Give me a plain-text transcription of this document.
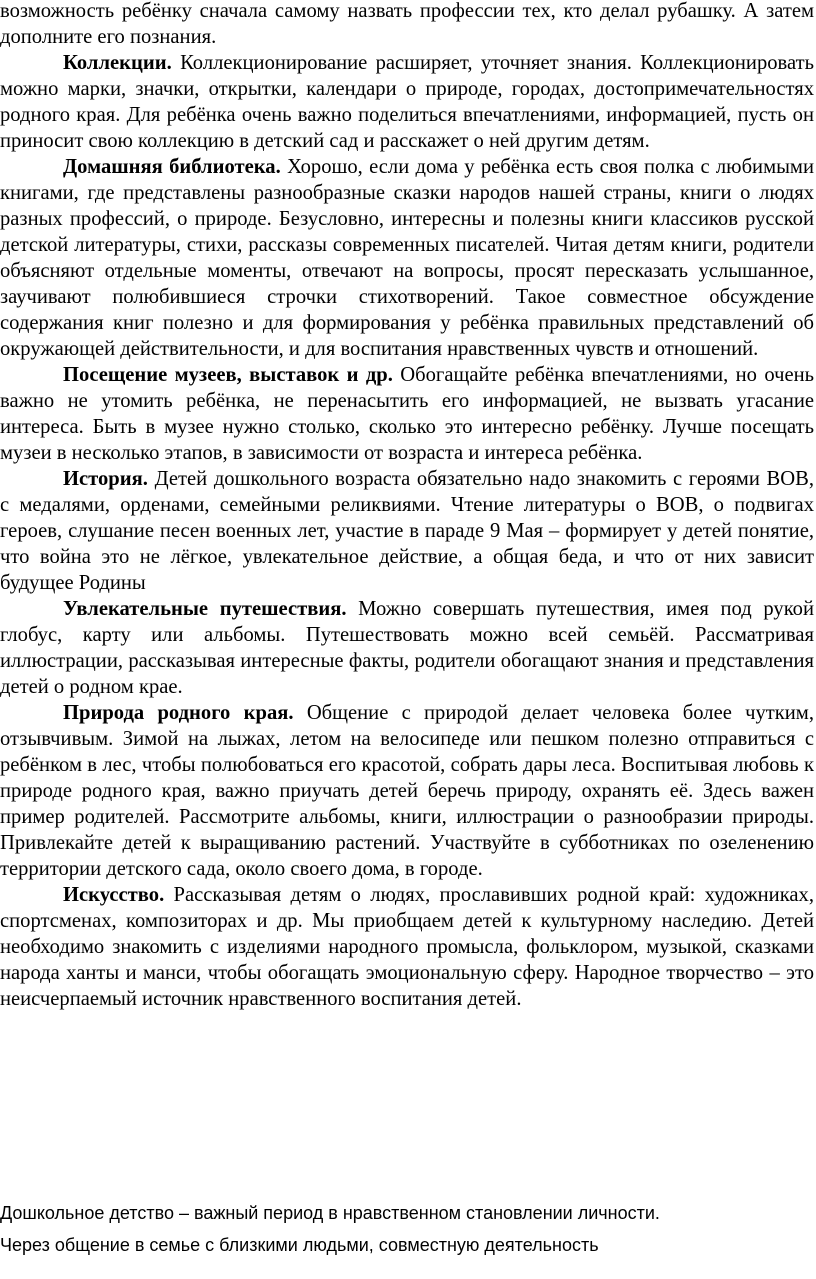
возможность ребёнку сначала самому назвать профессии тех, кто делал рубашку. А затем дополните его познания.

Коллекции. Коллекционирование расширяет, уточняет знания. Коллекционировать можно марки, значки, открытки, календари о природе, городах, достопримечательностях родного края. Для ребёнка очень важно поделиться впечатлениями, информацией, пусть он приносит свою коллекцию в детский сад и расскажет о ней другим детям.

Домашняя библиотека. Хорошо, если дома у ребёнка есть своя полка с любимыми книгами, где представлены разнообразные сказки народов нашей страны, книги о людях разных профессий, о природе. Безусловно, интересны и полезны книги классиков русской детской литературы, стихи, рассказы современных писателей. Читая детям книги, родители объясняют отдельные моменты, отвечают на вопросы, просят пересказать услышанное, заучивают полюбившиеся строчки стихотворений. Такое совместное обсуждение содержания книг полезно и для формирования у ребёнка правильных представлений об окружающей действительности, и для воспитания нравственных чувств и отношений.

Посещение музеев, выставок и др. Обогащайте ребёнка впечатлениями, но очень важно не утомить ребёнка, не перенасытить его информацией, не вызвать угасание интереса. Быть в музее нужно столько, сколько это интересно ребёнку. Лучше посещать музеи в несколько этапов, в зависимости от возраста и интереса ребёнка.

История. Детей дошкольного возраста обязательно надо знакомить с героями ВОВ, с медалями, орденами, семейными реликвиями. Чтение литературы о ВОВ, о подвигах героев, слушание песен военных лет, участие в параде 9 Мая – формирует у детей понятие, что война это не лёгкое, увлекательное действие, а общая беда, и что от них зависит будущее Родины

Увлекательные путешествия. Можно совершать путешествия, имея под рукой глобус, карту или альбомы. Путешествовать можно всей семьёй. Рассматривая иллюстрации, рассказывая интересные факты, родители обогащают знания и представления детей о родном крае.

Природа родного края. Общение с природой делает человека более чутким, отзывчивым. Зимой на лыжах, летом на велосипеде или пешком полезно отправиться с ребёнком в лес, чтобы полюбоваться его красотой, собрать дары леса. Воспитывая любовь к природе родного края, важно приучать детей беречь природу, охранять её. Здесь важен пример родителей. Рассмотрите альбомы, книги, иллюстрации о разнообразии природы. Привлекайте детей к выращиванию растений. Участвуйте в субботниках по озеленению территории детского сада, около своего дома, в городе.

Искусство. Рассказывая детям о людях, прославивших родной край: художниках, спортсменах, композиторах и др. Мы приобщаем детей к культурному наследию. Детей необходимо знакомить с изделиями народного промысла, фольклором, музыкой, сказками народа ханты и манси, чтобы обогащать эмоциональную сферу. Народное творчество – это неисчерпаемый источник нравственного воспитания детей.

Дошкольное детство – важный период в нравственном становлении личности.

Через общение в семье с близкими людьми, совместную деятельность
